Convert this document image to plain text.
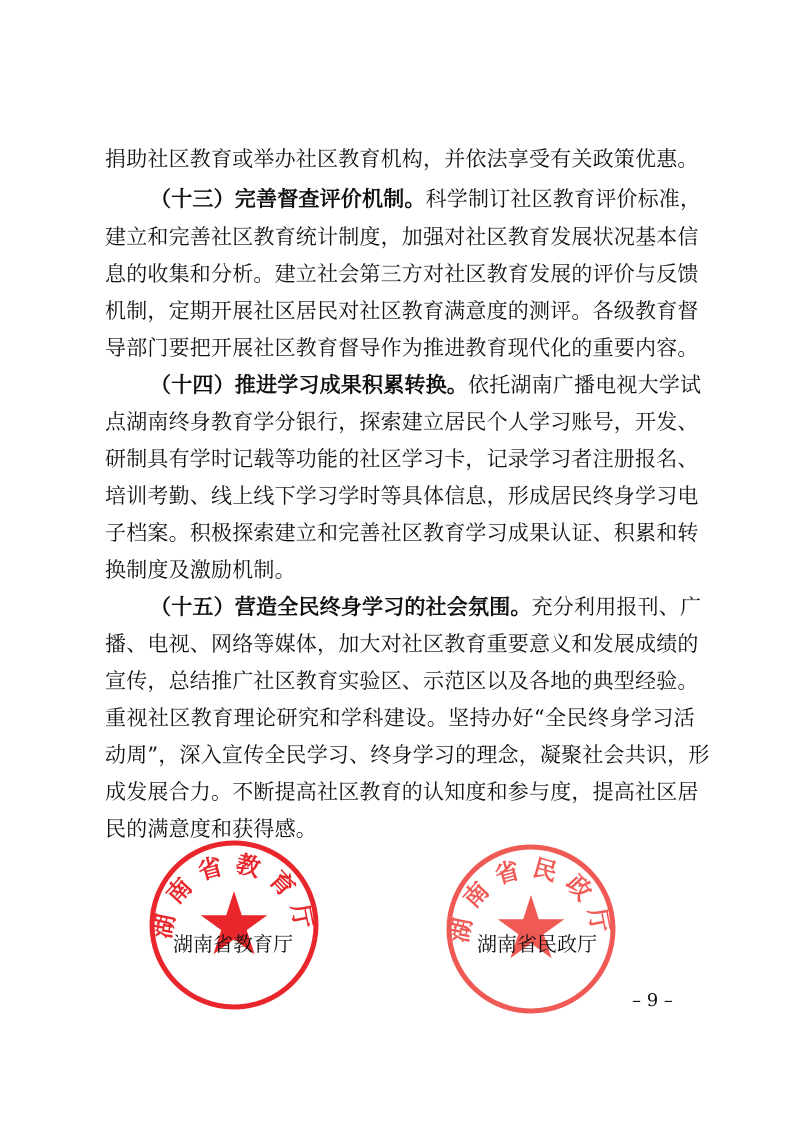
捐助社区教育或举办社区教育机构，并依法享受有关政策优惠。
（十三）完善督查评价机制。科学制订社区教育评价标准，
建立和完善社区教育统计制度，加强对社区教育发展状况基本信
息的收集和分析。建立社会第三方对社区教育发展的评价与反馈
机制，定期开展社区居民对社区教育满意度的测评。各级教育督
导部门要把开展社区教育督导作为推进教育现代化的重要内容。
（十四）推进学习成果积累转换。依托湖南广播电视大学试
点湖南终身教育学分银行，探索建立居民个人学习账号，开发、
研制具有学时记载等功能的社区学习卡，记录学习者注册报名、
培训考勤、线上线下学习学时等具体信息，形成居民终身学习电
子档案。积极探索建立和完善社区教育学习成果认证、积累和转
换制度及激励机制。
（十五）营造全民终身学习的社会氛围。充分利用报刊、广
播、电视、网络等媒体，加大对社区教育重要意义和发展成绩的
宣传，总结推广社区教育实验区、示范区以及各地的典型经验。
重视社区教育理论研究和学科建设。坚持办好“全民终身学习活
动周”，深入宣传全民学习、终身学习的理念，凝聚社会共识，形
成发展合力。不断提高社区教育的认知度和参与度，提高社区居
民的满意度和获得感。
湖南省教育厅
湖南省教育厅	湖南省民政厅
湖南省民政厅
– 9 –
